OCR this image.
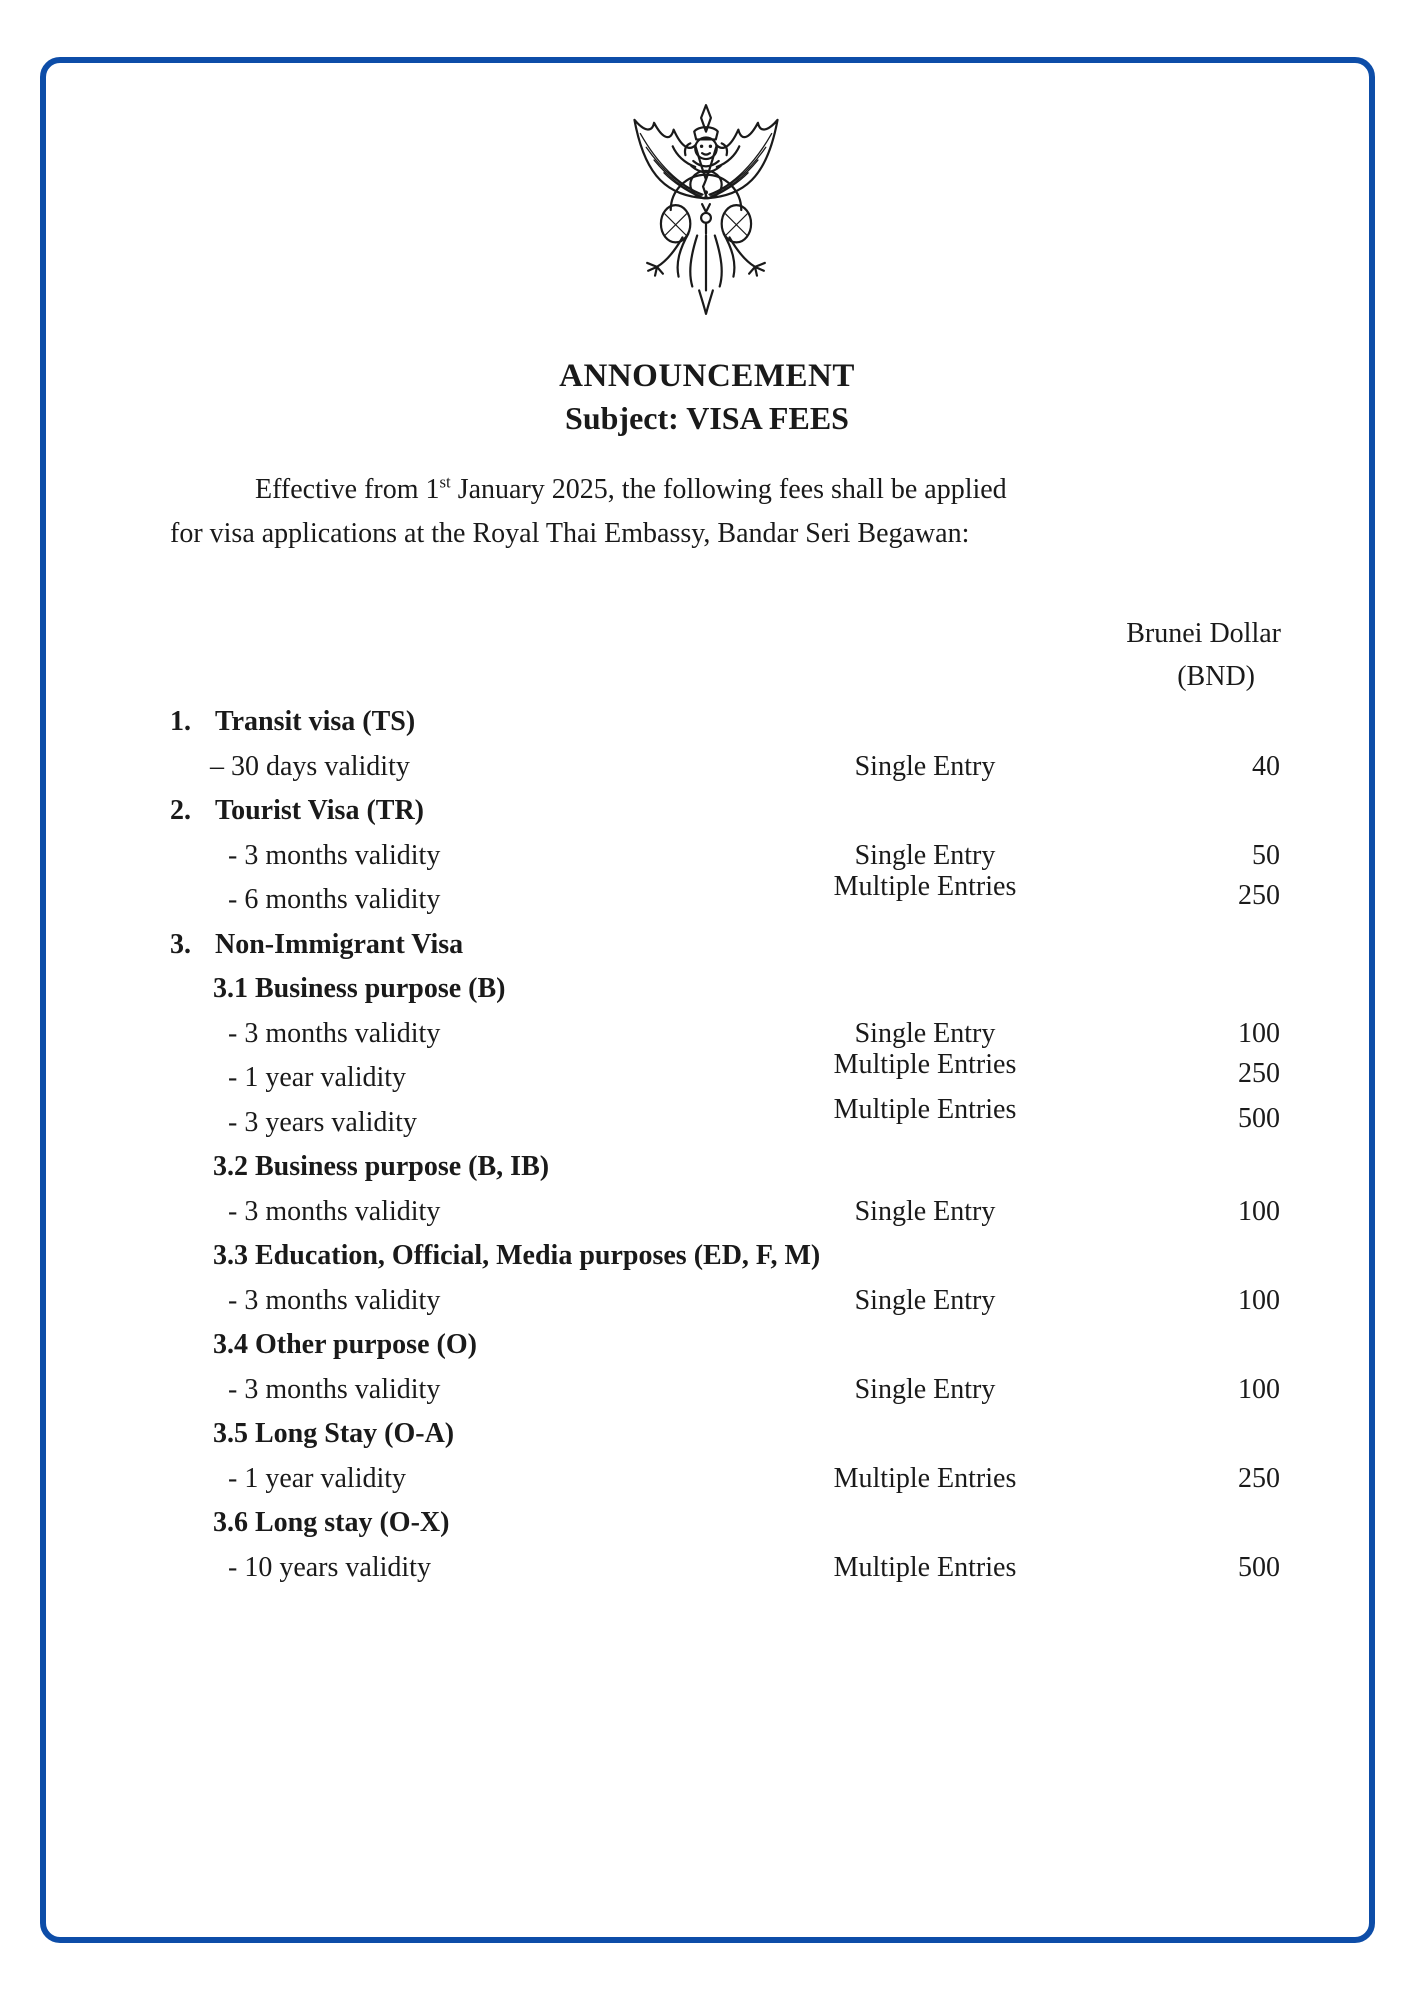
ANNOUNCEMENT
Subject: VISA FEES
Effective from 1st January 2025, the following fees shall be applied
for visa applications at the Royal Thai Embassy, Bandar Seri Begawan:
Brunei Dollar
(BND)
1. Transit visa (TS)
– 30 days validity	Single Entry	40
2. Tourist Visa (TR)
- 3 months validity	Single Entry	50
- 6 months validity	Multiple Entries	250
3. Non-Immigrant Visa
3.1 Business purpose (B)
- 3 months validity	Single Entry	100
- 1 year validity	Multiple Entries	250
- 3 years validity	Multiple Entries	500
3.2 Business purpose (B, IB)
- 3 months validity	Single Entry	100
3.3 Education, Official, Media purposes (ED, F, M)
- 3 months validity	Single Entry	100
3.4 Other purpose (O)
- 3 months validity	Single Entry	100
3.5 Long Stay (O-A)
- 1 year validity	Multiple Entries	250
3.6 Long stay (O-X)
- 10 years validity	Multiple Entries	500
